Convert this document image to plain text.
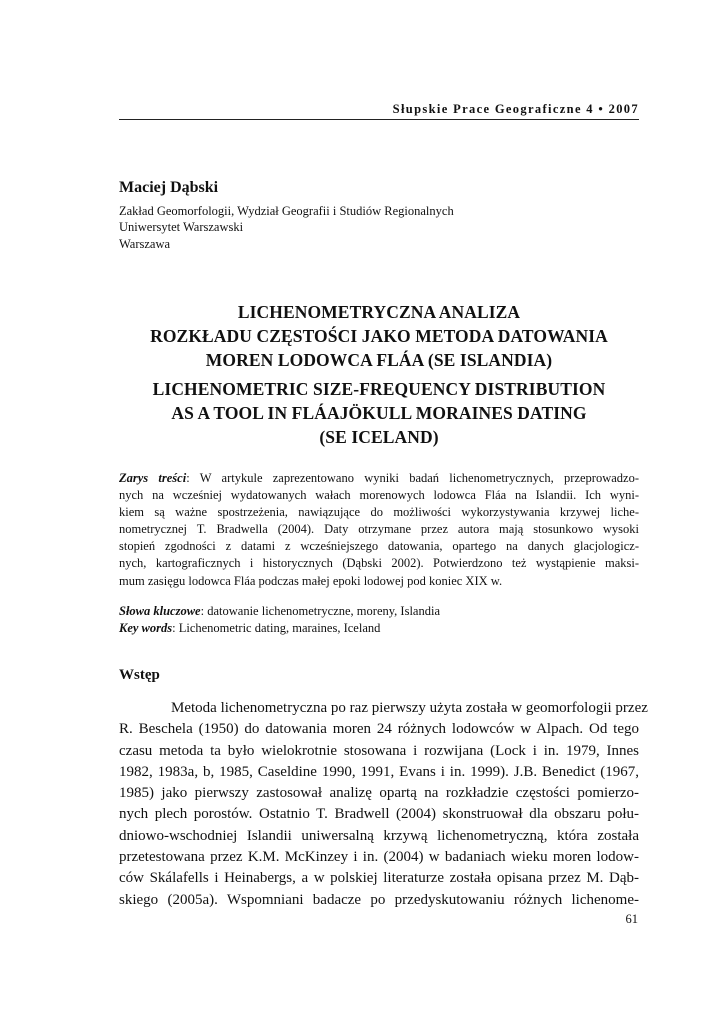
Słupskie Prace Geograficzne 4 • 2007
Maciej Dąbski
Zakład Geomorfologii, Wydział Geografii i Studiów Regionalnych
Uniwersytet Warszawski
Warszawa
LICHENOMETRYCZNA ANALIZA
ROZKŁADU CZĘSTOŚCI JAKO METODA DATOWANIA
MOREN LODOWCA FLÁA (SE ISLANDIA)
LICHENOMETRIC SIZE-FREQUENCY DISTRIBUTION
AS A TOOL IN FLÁAJÖKULL MORAINES DATING
(SE ICELAND)
Zarys treści: W artykule zaprezentowano wyniki badań lichenometrycznych, przeprowadzo-
nych na wcześniej wydatowanych wałach morenowych lodowca Fláa na Islandii. Ich wyni-
kiem są ważne spostrzeżenia, nawiązujące do możliwości wykorzystywania krzywej liche-
nometrycznej T. Bradwella (2004). Daty otrzymane przez autora mają stosunkowo wysoki
stopień zgodności z datami z wcześniejszego datowania, opartego na danych glacjologicz-
nych, kartograficznych i historycznych (Dąbski 2002). Potwierdzono też wystąpienie maksi-
mum zasięgu lodowca Fláa podczas małej epoki lodowej pod koniec XIX w.
Słowa kluczowe: datowanie lichenometryczne, moreny, Islandia
Key words: Lichenometric dating, maraines, Iceland
Wstęp
Metoda lichenometryczna po raz pierwszy użyta została w geomorfologii przez
R. Beschela (1950) do datowania moren 24 różnych lodowców w Alpach. Od tego
czasu metoda ta było wielokrotnie stosowana i rozwijana (Lock i in. 1979, Innes
1982, 1983a, b, 1985, Caseldine 1990, 1991, Evans i in. 1999). J.B. Benedict (1967,
1985) jako pierwszy zastosował analizę opartą na rozkładzie częstości pomierzo-
nych plech porostów. Ostatnio T. Bradwell (2004) skonstruował dla obszaru połu-
dniowo-wschodniej Islandii uniwersalną krzywą lichenometryczną, która została
przetestowana przez K.M. McKinzey i in. (2004) w badaniach wieku moren lodow-
ców Skálafells i Heinabergs, a w polskiej literaturze została opisana przez M. Dąb-
skiego (2005a). Wspomniani badacze po przedyskutowaniu różnych lichenome-
61
